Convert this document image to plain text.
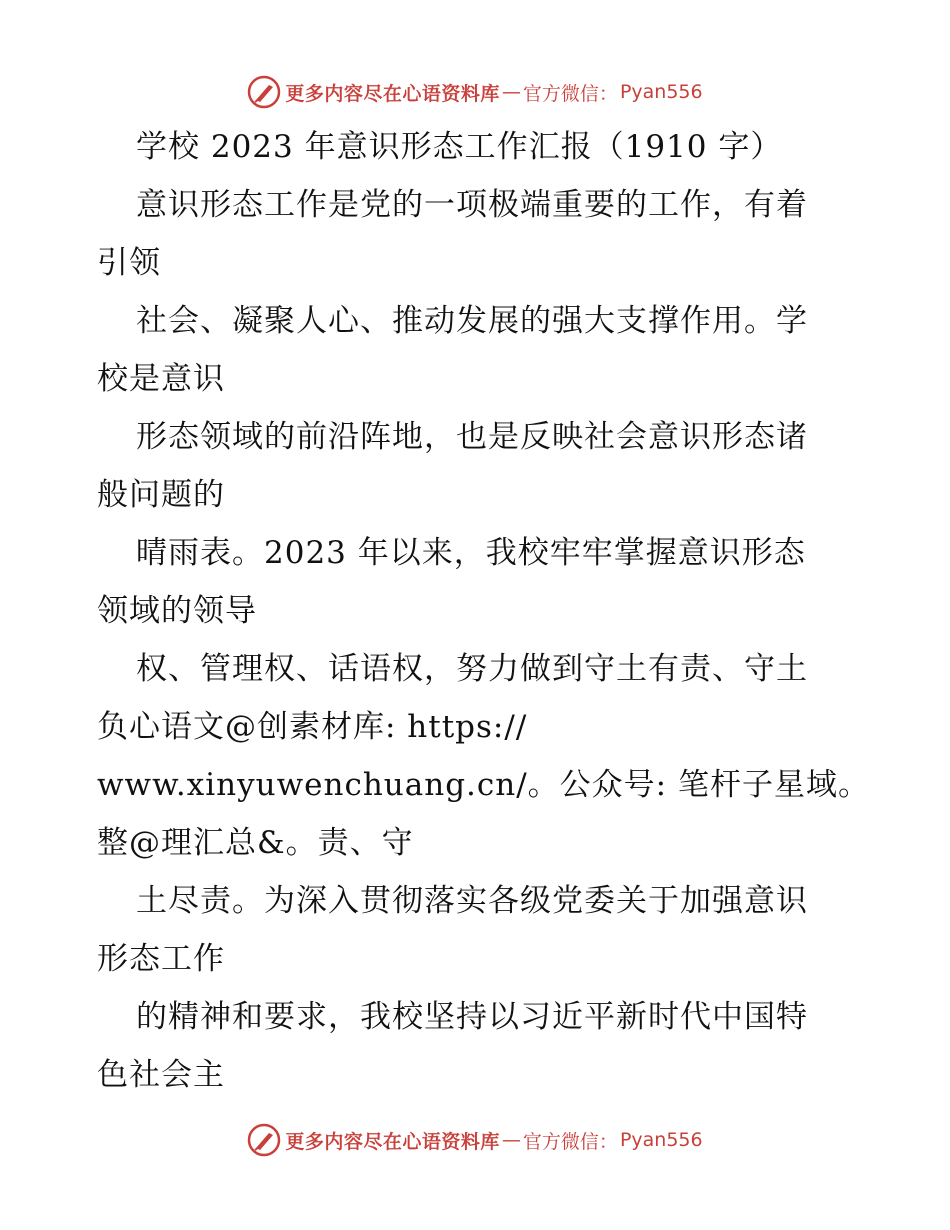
更多内容尽在心语资料库 — 官方微信： Pyan556
学校 2023 年意识形态工作汇报（1910 字）
意识形态工作是党的一项极端重要的工作，有着
引领
社会、凝聚人心、推动发展的强大支撑作用。学
校是意识
形态领域的前沿阵地，也是反映社会意识形态诸
般问题的
晴雨表。2023 年以来，我校牢牢掌握意识形态
领域的领导
权、管理权、话语权，努力做到守土有责、守土
负心语文@创素材库: https://
www.xinyuwenchuang.cn/。公众号: 笔杆子星域。
整@理汇总&。责、守
土尽责。为深入贯彻落实各级党委关于加强意识
形态工作
的精神和要求，我校坚持以习近平新时代中国特
色社会主
更多内容尽在心语资料库 — 官方微信： Pyan556
